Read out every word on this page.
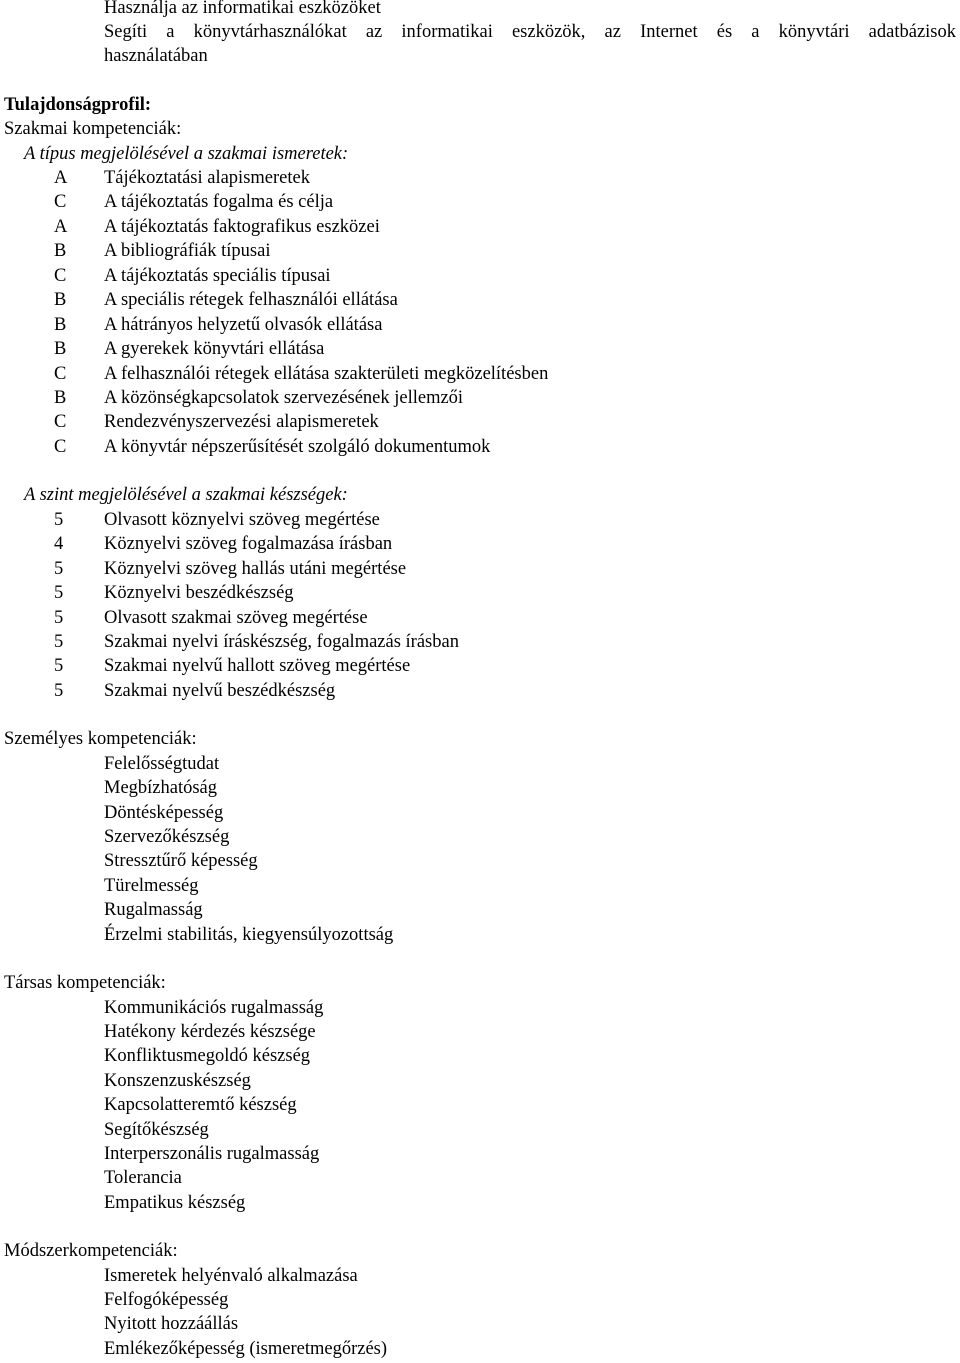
Használja az informatikai eszközöket
Segíti a könyvtárhasználókat az informatikai eszközök, az Internet és a könyvtári adatbázisok
használatában
Tulajdonságprofil:
Szakmai kompetenciák:
A típus megjelölésével a szakmai ismeretek:
A	Tájékoztatási alapismeretek
C	A tájékoztatás fogalma és célja
A	A tájékoztatás faktografikus eszközei
B	A bibliográfiák típusai
C	A tájékoztatás speciális típusai
B	A speciális rétegek felhasználói ellátása
B	A hátrányos helyzetű olvasók ellátása
B	A gyerekek könyvtári ellátása
C	A felhasználói rétegek ellátása szakterületi megközelítésben
B	A közönségkapcsolatok szervezésének jellemzői
C	Rendezvényszervezési alapismeretek
C	A könyvtár népszerűsítését szolgáló dokumentumok
A szint megjelölésével a szakmai készségek:
5	Olvasott köznyelvi szöveg megértése
4	Köznyelvi szöveg fogalmazása írásban
5	Köznyelvi szöveg hallás utáni megértése
5	Köznyelvi beszédkészség
5	Olvasott szakmai szöveg megértése
5	Szakmai nyelvi íráskészség, fogalmazás írásban
5	Szakmai nyelvű hallott szöveg megértése
5	Szakmai nyelvű beszédkészség
Személyes kompetenciák:
Felelősségtudat
Megbízhatóság
Döntésképesség
Szervezőkészség
Stressztűrő képesség
Türelmesség
Rugalmasság
Érzelmi stabilitás, kiegyensúlyozottság
Társas kompetenciák:
Kommunikációs rugalmasság
Hatékony kérdezés készsége
Konfliktusmegoldó készség
Konszenzuskészség
Kapcsolatteremtő készség
Segítőkészség
Interperszonális rugalmasság
Tolerancia
Empatikus készség
Módszerkompetenciák:
Ismeretek helyénvaló alkalmazása
Felfogóképesség
Nyitott hozzáállás
Emlékezőképesség (ismeretmegőrzés)
